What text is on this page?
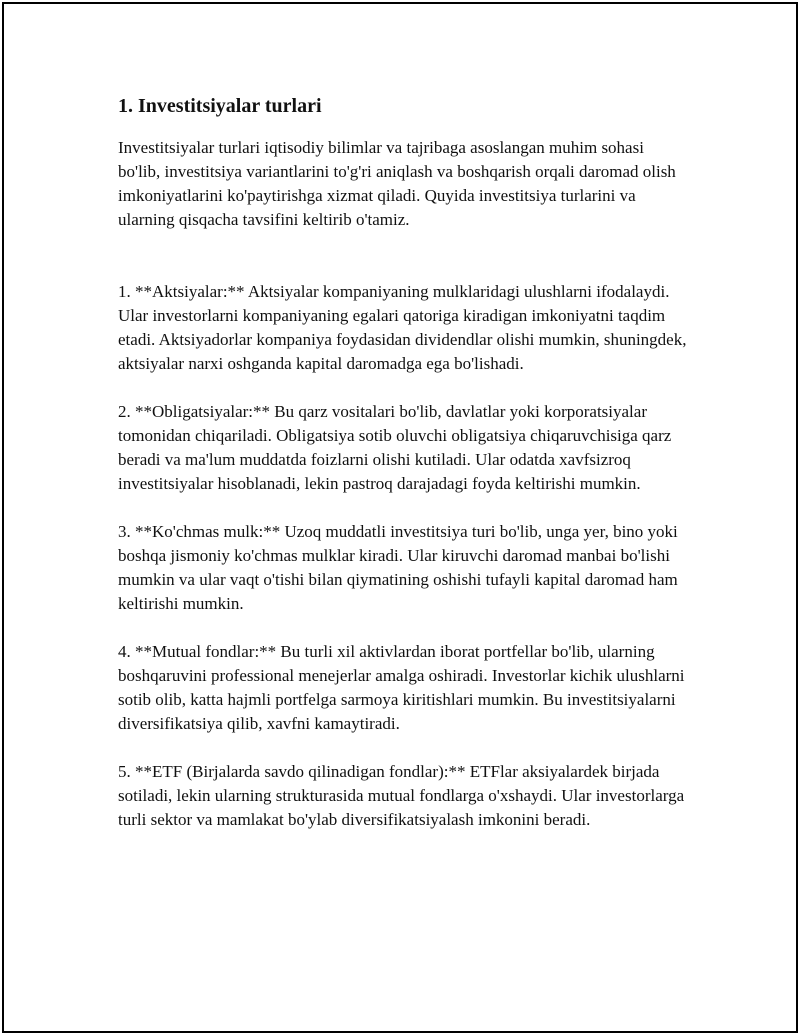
1. Investitsiyalar turlari

Investitsiyalar turlari iqtisodiy bilimlar va tajribaga asoslangan muhim sohasi bo'lib, investitsiya variantlarini to'g'ri aniqlash va boshqarish orqali daromad olish imkoniyatlarini ko'paytirishga xizmat qiladi. Quyida investitsiya turlarini va ularning qisqacha tavsifini keltirib o'tamiz.

1. **Aktsiyalar:** Aktsiyalar kompaniyaning mulklaridagi ulushlarni ifodalaydi. Ular investorlarni kompaniyaning egalari qatoriga kiradigan imkoniyatni taqdim etadi. Aktsiyadorlar kompaniya foydasidan dividendlar olishi mumkin, shuningdek, aktsiyalar narxi oshganda kapital daromadga ega bo'lishadi.

2. **Obligatsiyalar:** Bu qarz vositalari bo'lib, davlatlar yoki korporatsiyalar tomonidan chiqariladi. Obligatsiya sotib oluvchi obligatsiya chiqaruvchisiga qarz beradi va ma'lum muddatda foizlarni olishi kutiladi. Ular odatda xavfsizroq investitsiyalar hisoblanadi, lekin pastroq darajadagi foyda keltirishi mumkin.

3. **Ko'chmas mulk:** Uzoq muddatli investitsiya turi bo'lib, unga yer, bino yoki boshqa jismoniy ko'chmas mulklar kiradi. Ular kiruvchi daromad manbai bo'lishi mumkin va ular vaqt o'tishi bilan qiymatining oshishi tufayli kapital daromad ham keltirishi mumkin.

4. **Mutual fondlar:** Bu turli xil aktivlardan iborat portfellar bo'lib, ularning boshqaruvini professional menejerlar amalga oshiradi. Investorlar kichik ulushlarni sotib olib, katta hajmli portfelga sarmoya kiritishlari mumkin. Bu investitsiyalarni diversifikatsiya qilib, xavfni kamaytiradi.

5. **ETF (Birjalarda savdo qilinadigan fondlar):** ETFlar aksiyalardek birjada sotiladi, lekin ularning strukturasida mutual fondlarga o'xshaydi. Ular investorlarga turli sektor va mamlakat bo'ylab diversifikatsiyalash imkonini beradi.
